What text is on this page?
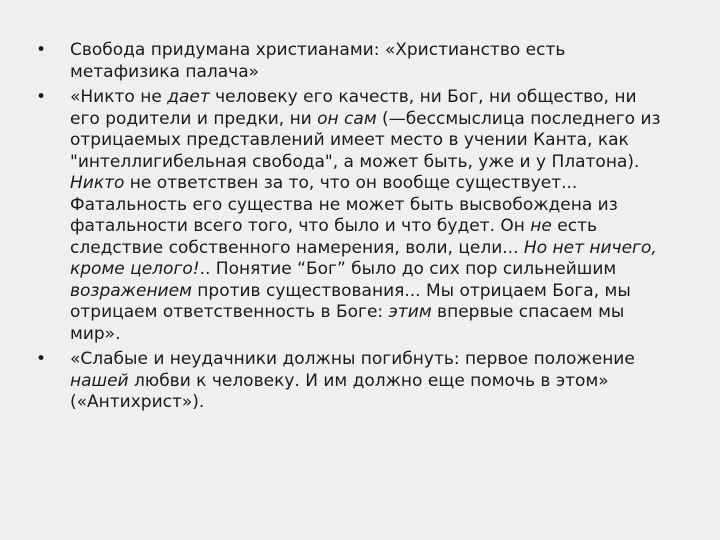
•	Свобода придумана христианами: «Христианство есть метафизика палача»
•	«Никто не дает человеку его качеств, ни Бог, ни общество, ни его родители и предки, ни он сам (—бессмыслица последнего из отрицаемых представлений имеет место в учении Канта, как "интеллигибельная свобода", а может быть, уже и у Платона). Никто не ответствен за то, что он вообще существует... Фатальность его существа не может быть высвобождена из фатальности всего того, что было и что будет. Он не есть следствие собственного намерения, воли, цели... Но нет ничего, кроме целого!.. Понятие “Бог” было до сих пор сильнейшим возражением против существования... Мы отрицаем Бога, мы отрицаем ответственность в Боге: этим впервые спасаем мы мир».
•	«Слабые и неудачники должны погибнуть: первое положение нашей любви к человеку. И им должно еще помочь в этом» («Антихрист»).
